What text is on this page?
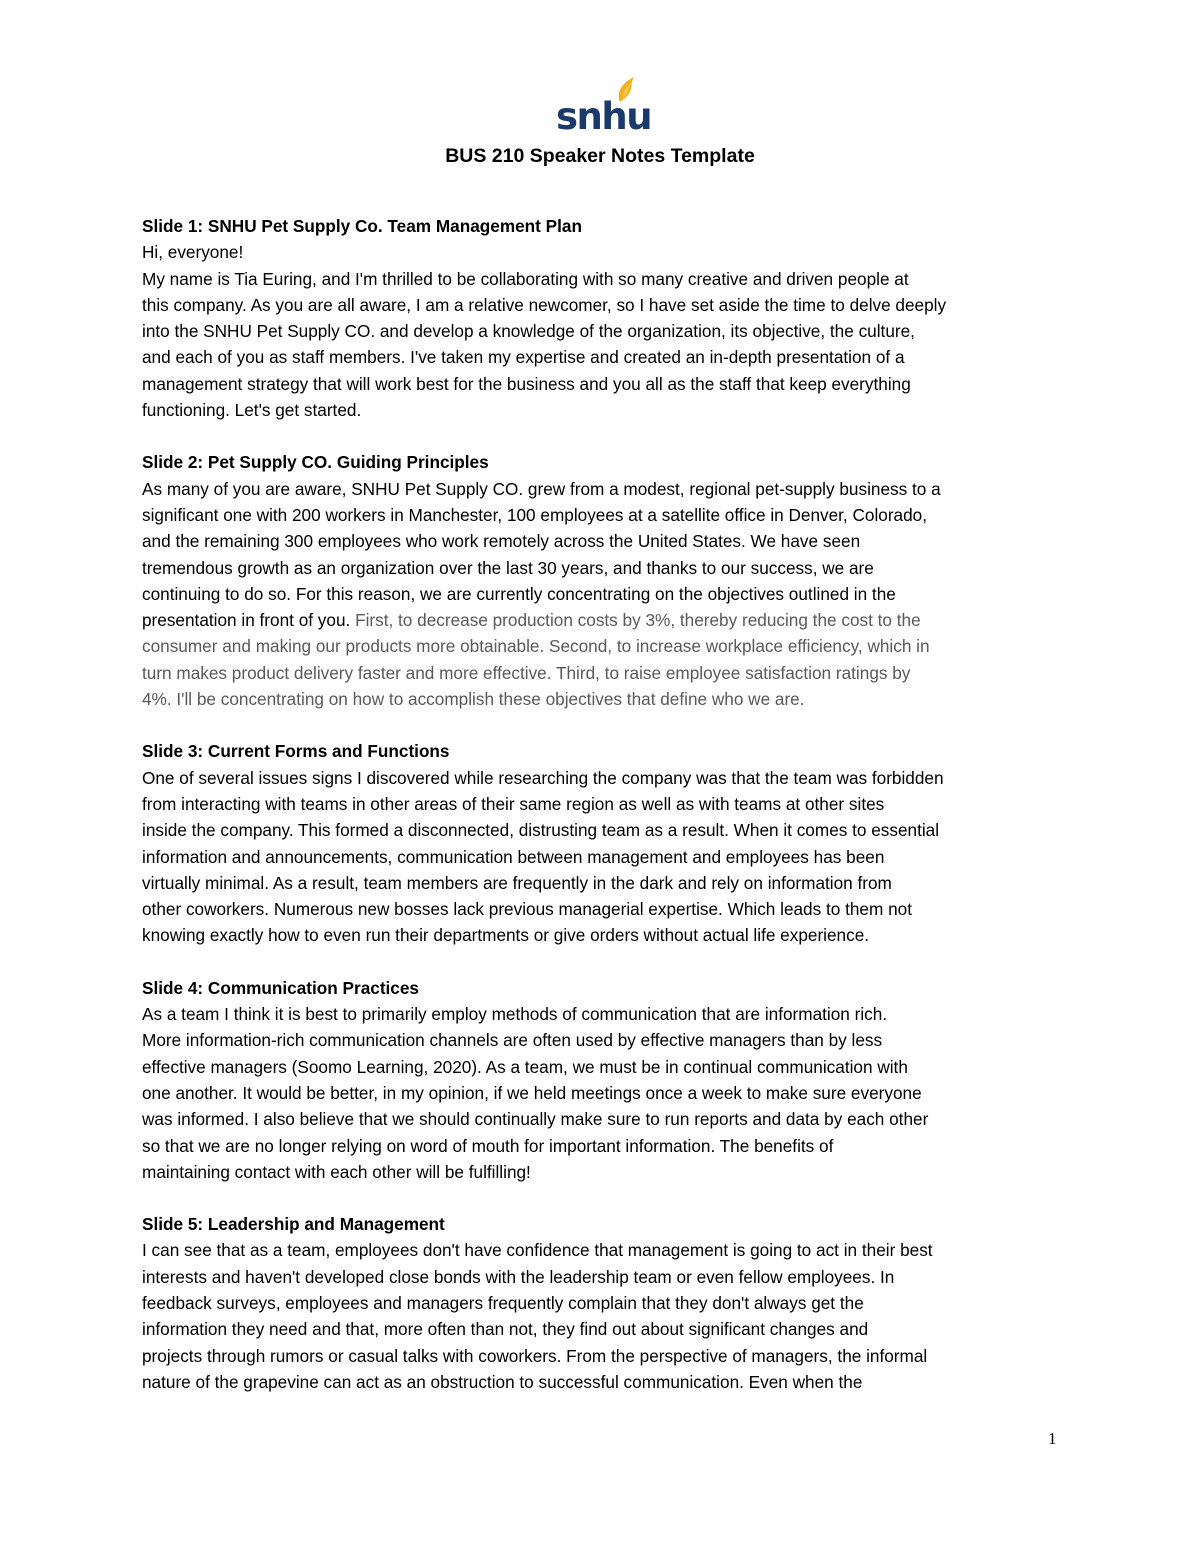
snhu
BUS 210 Speaker Notes Template

Slide 1: SNHU Pet Supply Co. Team Management Plan

Hi, everyone!

My name is Tia Euring, and I'm thrilled to be collaborating with so many creative and driven people at

this company. As you are all aware, I am a relative newcomer, so I have set aside the time to delve deeply

into the SNHU Pet Supply CO. and develop a knowledge of the organization, its objective, the culture,

and each of you as staff members. I've taken my expertise and created an in-depth presentation of a

management strategy that will work best for the business and you all as the staff that keep everything

functioning. Let's get started.

Slide 2: Pet Supply CO. Guiding Principles

As many of you are aware, SNHU Pet Supply CO. grew from a modest, regional pet-supply business to a

significant one with 200 workers in Manchester, 100 employees at a satellite office in Denver, Colorado,

and the remaining 300 employees who work remotely across the United States. We have seen

tremendous growth as an organization over the last 30 years, and thanks to our success, we are

continuing to do so. For this reason, we are currently concentrating on the objectives outlined in the

presentation in front of you. First, to decrease production costs by 3%, thereby reducing the cost to the

consumer and making our products more obtainable. Second, to increase workplace efficiency, which in

turn makes product delivery faster and more effective. Third, to raise employee satisfaction ratings by

4%. I'll be concentrating on how to accomplish these objectives that define who we are.

Slide 3: Current Forms and Functions

One of several issues signs I discovered while researching the company was that the team was forbidden

from interacting with teams in other areas of their same region as well as with teams at other sites

inside the company. This formed a disconnected, distrusting team as a result. When it comes to essential

information and announcements, communication between management and employees has been

virtually minimal. As a result, team members are frequently in the dark and rely on information from

other coworkers. Numerous new bosses lack previous managerial expertise. Which leads to them not

knowing exactly how to even run their departments or give orders without actual life experience.

Slide 4: Communication Practices

As a team I think it is best to primarily employ methods of communication that are information rich.

More information-rich communication channels are often used by effective managers than by less

effective managers (Soomo Learning, 2020). As a team, we must be in continual communication with

one another. It would be better, in my opinion, if we held meetings once a week to make sure everyone

was informed. I also believe that we should continually make sure to run reports and data by each other

so that we are no longer relying on word of mouth for important information. The benefits of

maintaining contact with each other will be fulfilling!

Slide 5: Leadership and Management

I can see that as a team, employees don't have confidence that management is going to act in their best

interests and haven't developed close bonds with the leadership team or even fellow employees. In

feedback surveys, employees and managers frequently complain that they don't always get the

information they need and that, more often than not, they find out about significant changes and

projects through rumors or casual talks with coworkers. From the perspective of managers, the informal

nature of the grapevine can act as an obstruction to successful communication. Even when the

1
